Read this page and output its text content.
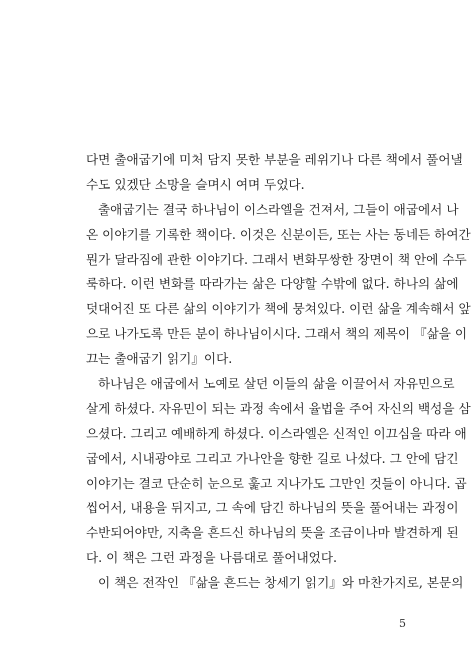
다면 출애굽기에 미처 담지 못한 부분을 레위기나 다른 책에서 풀어낼
수도 있겠단 소망을 슬며시 여며 두었다.
출애굽기는 결국 하나님이 이스라엘을 건져서, 그들이 애굽에서 나
온 이야기를 기록한 책이다. 이것은 신분이든, 또는 사는 동네든 하여간
뭔가 달라짐에 관한 이야기다. 그래서 변화무쌍한 장면이 책 안에 수두
룩하다. 이런 변화를 따라가는 삶은 다양할 수밖에 없다. 하나의 삶에
덧대어진 또 다른 삶의 이야기가 책에 뭉쳐있다. 이런 삶을 계속해서 앞
으로 나가도록 만든 분이 하나님이시다. 그래서 책의 제목이 『삶을 이
끄는 출애굽기 읽기』이다.
하나님은 애굽에서 노예로 살던 이들의 삶을 이끌어서 자유민으로
살게 하셨다. 자유민이 되는 과정 속에서 율법을 주어 자신의 백성을 삼
으셨다. 그리고 예배하게 하셨다. 이스라엘은 신적인 이끄심을 따라 애
굽에서, 시내광야로 그리고 가나안을 향한 길로 나섰다. 그 안에 담긴
이야기는 결코 단순히 눈으로 훑고 지나가도 그만인 것들이 아니다. 곱
씹어서, 내용을 뒤지고, 그 속에 담긴 하나님의 뜻을 풀어내는 과정이
수반되어야만, 지축을 흔드신 하나님의 뜻을 조금이나마 발견하게 된
다. 이 책은 그런 과정을 나름대로 풀어내었다.
이 책은 전작인 『삶을 흔드는 창세기 읽기』와 마찬가지로, 본문의
5
